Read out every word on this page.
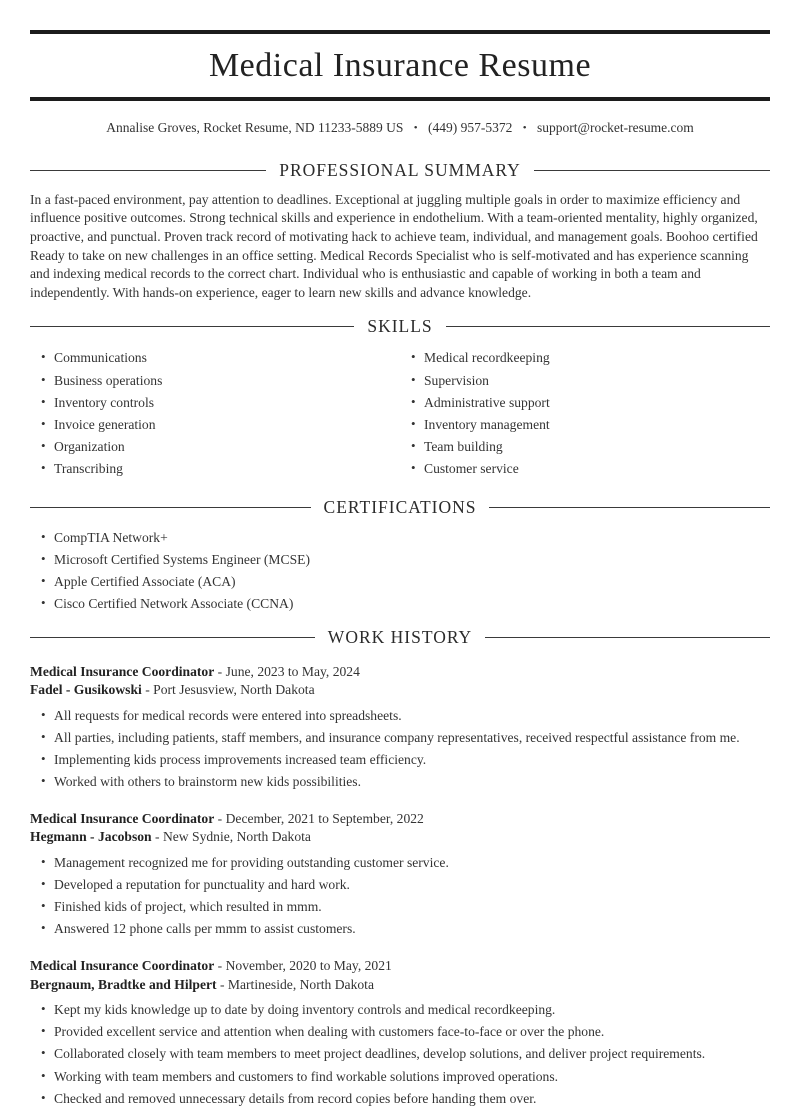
Medical Insurance Resume
Annalise Groves, Rocket Resume, ND 11233-5889 US • (449) 957-5372 • support@rocket-resume.com
PROFESSIONAL SUMMARY

In a fast-paced environment, pay attention to deadlines. Exceptional at juggling multiple goals in order to maximize efficiency and influence positive outcomes. Strong technical skills and experience in endothelium. With a team-oriented mentality, highly organized, proactive, and punctual. Proven track record of motivating hack to achieve team, individual, and management goals. Boohoo certified Ready to take on new challenges in an office setting. Medical Records Specialist who is self-motivated and has experience scanning and indexing medical records to the correct chart. Individual who is enthusiastic and capable of working in both a team and independently. With hands-on experience, eager to learn new skills and advance knowledge.

SKILLS
• Communications
• Business operations
• Inventory controls
• Invoice generation
• Organization
• Transcribing
• Medical recordkeeping
• Supervision
• Administrative support
• Inventory management
• Team building
• Customer service
CERTIFICATIONS
• CompTIA Network+
• Microsoft Certified Systems Engineer (MCSE)
• Apple Certified Associate (ACA)
• Cisco Certified Network Associate (CCNA)
WORK HISTORY

Medical Insurance Coordinator - June, 2023 to May, 2024

Fadel - Gusikowski - Port Jesusview, North Dakota

• All requests for medical records were entered into spreadsheets.
• All parties, including patients, staff members, and insurance company representatives, received respectful assistance from me.
• Implementing kids process improvements increased team efficiency.
• Worked with others to brainstorm new kids possibilities.

Medical Insurance Coordinator - December, 2021 to September, 2022

Hegmann - Jacobson - New Sydnie, North Dakota

• Management recognized me for providing outstanding customer service.
• Developed a reputation for punctuality and hard work.
• Finished kids of project, which resulted in mmm.
• Answered 12 phone calls per mmm to assist customers.

Medical Insurance Coordinator - November, 2020 to May, 2021

Bergnaum, Bradtke and Hilpert - Martineside, North Dakota

• Kept my kids knowledge up to date by doing inventory controls and medical recordkeeping.
• Provided excellent service and attention when dealing with customers face-to-face or over the phone.
• Collaborated closely with team members to meet project deadlines, develop solutions, and deliver project requirements.
• Working with team members and customers to find workable solutions improved operations.
• Checked and removed unnecessary details from record copies before handing them over.
